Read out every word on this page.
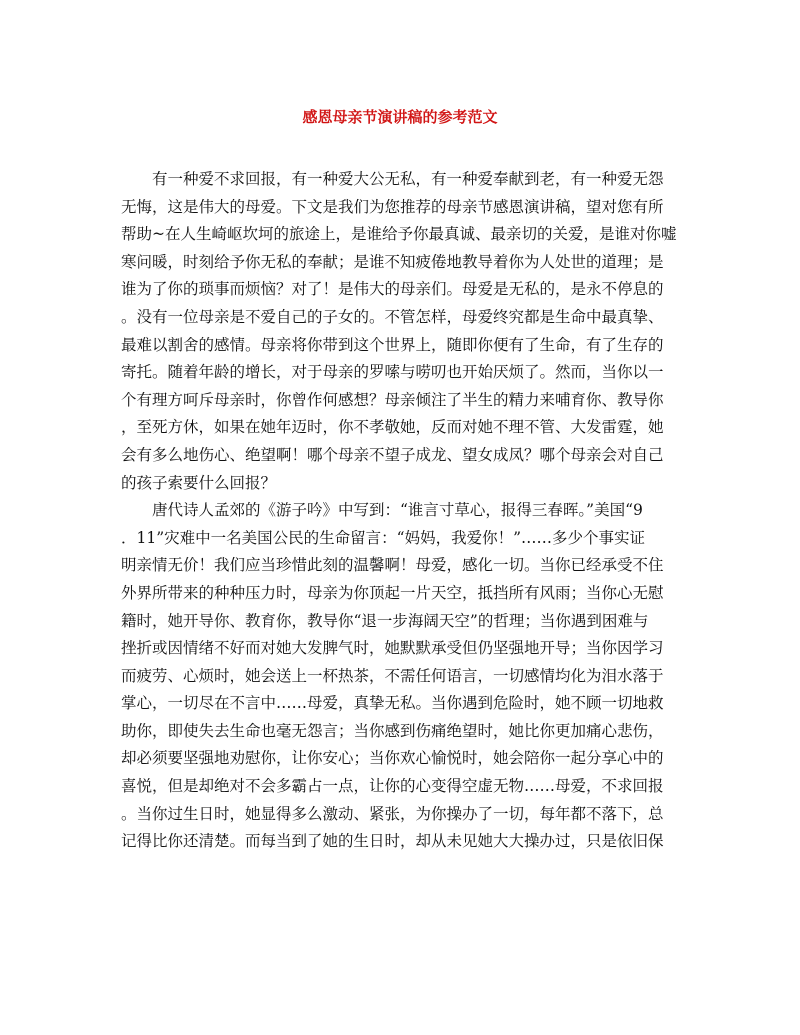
感恩母亲节演讲稿的参考范文
有一种爱不求回报，有一种爱大公无私，有一种爱奉献到老，有一种爱无怨
无悔，这是伟大的母爱。下文是我们为您推荐的母亲节感恩演讲稿，望对您有所
帮助~在人生崎岖坎坷的旅途上，是谁给予你最真诚、最亲切的关爱，是谁对你嘘
寒问暖，时刻给予你无私的奉献；是谁不知疲倦地教导着你为人处世的道理；是
谁为了你的琐事而烦恼？对了！是伟大的母亲们。母爱是无私的，是永不停息的
。没有一位母亲是不爱自己的子女的。不管怎样，母爱终究都是生命中最真挚、
最难以割舍的感情。母亲将你带到这个世界上，随即你便有了生命，有了生存的
寄托。随着年龄的增长，对于母亲的罗嗦与唠叨也开始厌烦了。然而，当你以一
个有理方呵斥母亲时，你曾作何感想？母亲倾注了半生的精力来哺育你、教导你
，至死方休，如果在她年迈时，你不孝敬她，反而对她不理不管、大发雷霆，她
会有多么地伤心、绝望啊！哪个母亲不望子成龙、望女成凤？哪个母亲会对自己
的孩子索要什么回报？
唐代诗人孟郊的《游子吟》中写到：“谁言寸草心，报得三春晖。”美国“9
．11”灾难中一名美国公民的生命留言：“妈妈，我爱你！”……多少个事实证
明亲情无价！我们应当珍惜此刻的温馨啊！母爱，感化一切。当你已经承受不住
外界所带来的种种压力时，母亲为你顶起一片天空，抵挡所有风雨；当你心无慰
籍时，她开导你、教育你，教导你“退一步海阔天空”的哲理；当你遇到困难与
挫折或因情绪不好而对她大发脾气时，她默默承受但仍坚强地开导；当你因学习
而疲劳、心烦时，她会送上一杯热茶，不需任何语言，一切感情均化为泪水落于
掌心，一切尽在不言中……母爱，真挚无私。当你遇到危险时，她不顾一切地救
助你，即使失去生命也毫无怨言；当你感到伤痛绝望时，她比你更加痛心悲伤，
却必须要坚强地劝慰你，让你安心；当你欢心愉悦时，她会陪你一起分享心中的
喜悦，但是却绝对不会多霸占一点，让你的心变得空虚无物……母爱，不求回报
。当你过生日时，她显得多么激动、紧张，为你操办了一切，每年都不落下，总
记得比你还清楚。而每当到了她的生日时，却从未见她大大操办过，只是依旧保
